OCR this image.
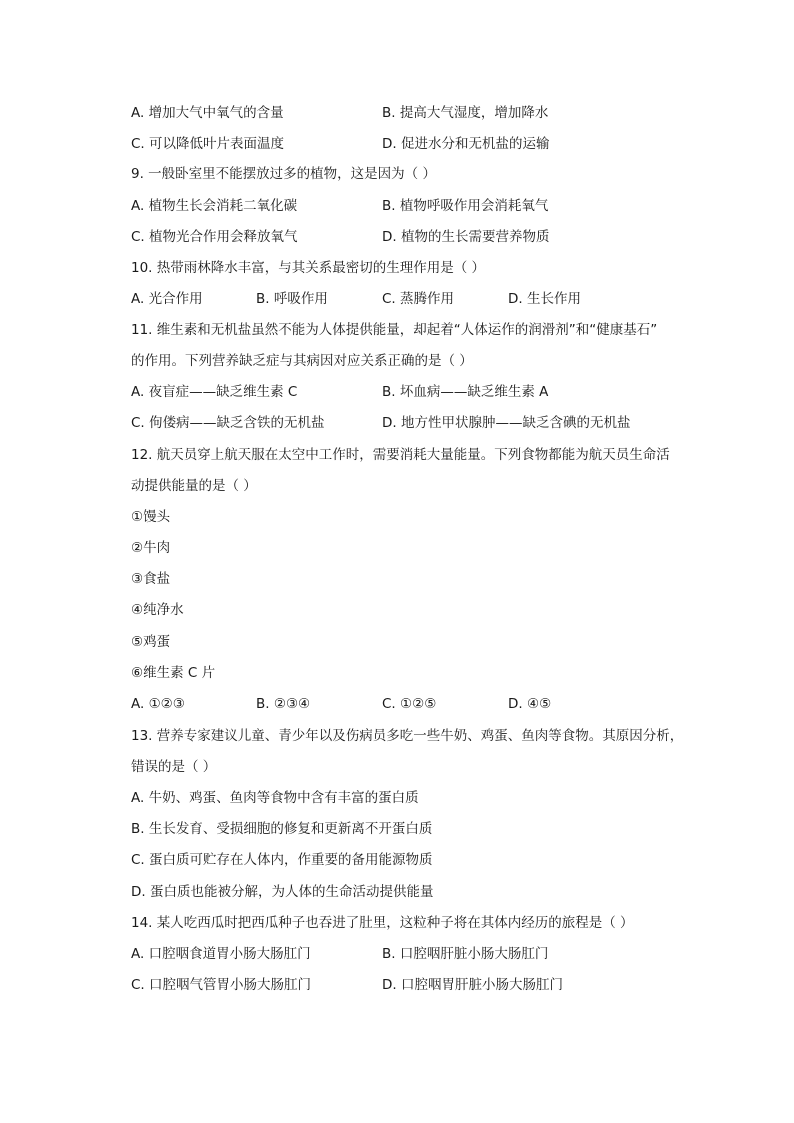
A. 增加大气中氧气的含量	B. 提高大气湿度，增加降水
C. 可以降低叶片表面温度	D. 促进水分和无机盐的运输
9. 一般卧室里不能摆放过多的植物，这是因为（ ）
A. 植物生长会消耗二氧化碳	B. 植物呼吸作用会消耗氧气
C. 植物光合作用会释放氧气	D. 植物的生长需要营养物质
10. 热带雨林降水丰富，与其关系最密切的生理作用是（ ）
A. 光合作用	B. 呼吸作用	C. 蒸腾作用	D. 生长作用
11. 维生素和无机盐虽然不能为人体提供能量，却起着“人体运作的润滑剂”和“健康基石”
的作用。下列营养缺乏症与其病因对应关系正确的是（ ）
A. 夜盲症——缺乏维生素 C	B. 坏血病——缺乏维生素 A
C. 佝偻病——缺乏含铁的无机盐	D. 地方性甲状腺肿——缺乏含碘的无机盐
12. 航天员穿上航天服在太空中工作时，需要消耗大量能量。下列食物都能为航天员生命活
动提供能量的是（ ）
①馒头
②牛肉
③食盐
④纯净水
⑤鸡蛋
⑥维生素 C 片
A. ①②③	B. ②③④	C. ①②⑤	D. ④⑤
13. 营养专家建议儿童、青少年以及伤病员多吃一些牛奶、鸡蛋、鱼肉等食物。其原因分析，
错误的是（ ）
A. 牛奶、鸡蛋、鱼肉等食物中含有丰富的蛋白质
B. 生长发育、受损细胞的修复和更新离不开蛋白质
C. 蛋白质可贮存在人体内，作重要的备用能源物质
D. 蛋白质也能被分解，为人体的生命活动提供能量
14. 某人吃西瓜时把西瓜种子也吞进了肚里，这粒种子将在其体内经历的旅程是（ ）
A. 口腔咽食道胃小肠大肠肛门	B. 口腔咽肝脏小肠大肠肛门
C. 口腔咽气管胃小肠大肠肛门	D. 口腔咽胃肝脏小肠大肠肛门
